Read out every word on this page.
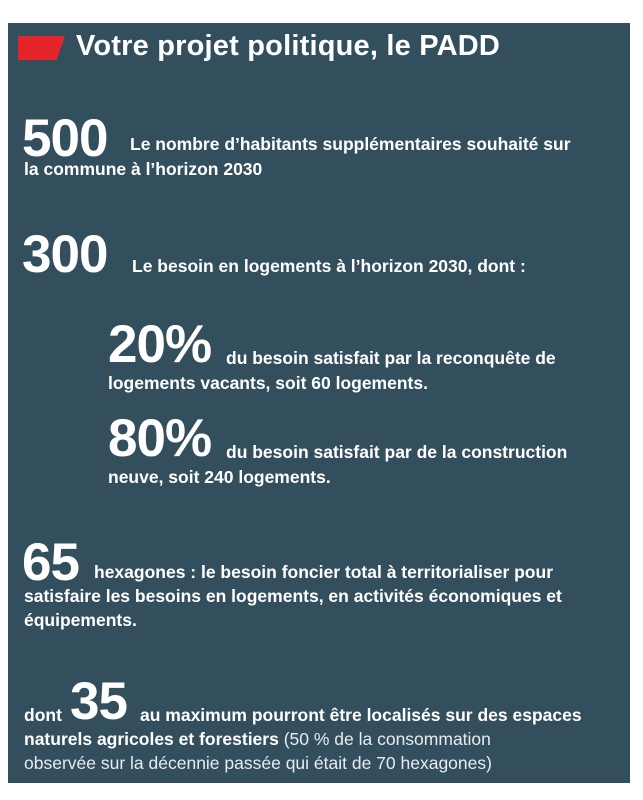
Votre projet politique, le PADD
500 Le nombre d’habitants supplémentaires souhaité sur
la commune à l’horizon 2030
300 Le besoin en logements à l’horizon 2030, dont :
20% du besoin satisfait par la reconquête de
logements vacants, soit 60 logements.
80% du besoin satisfait par de la construction
neuve, soit 240 logements.
65 hexagones : le besoin foncier total à territorialiser pour
satisfaire les besoins en logements, en activités économiques et
équipements.
dont 35 au maximum pourront être localisés sur des espaces
naturels agricoles et forestiers (50 % de la consommation
observée sur la décennie passée qui était de 70 hexagones)
